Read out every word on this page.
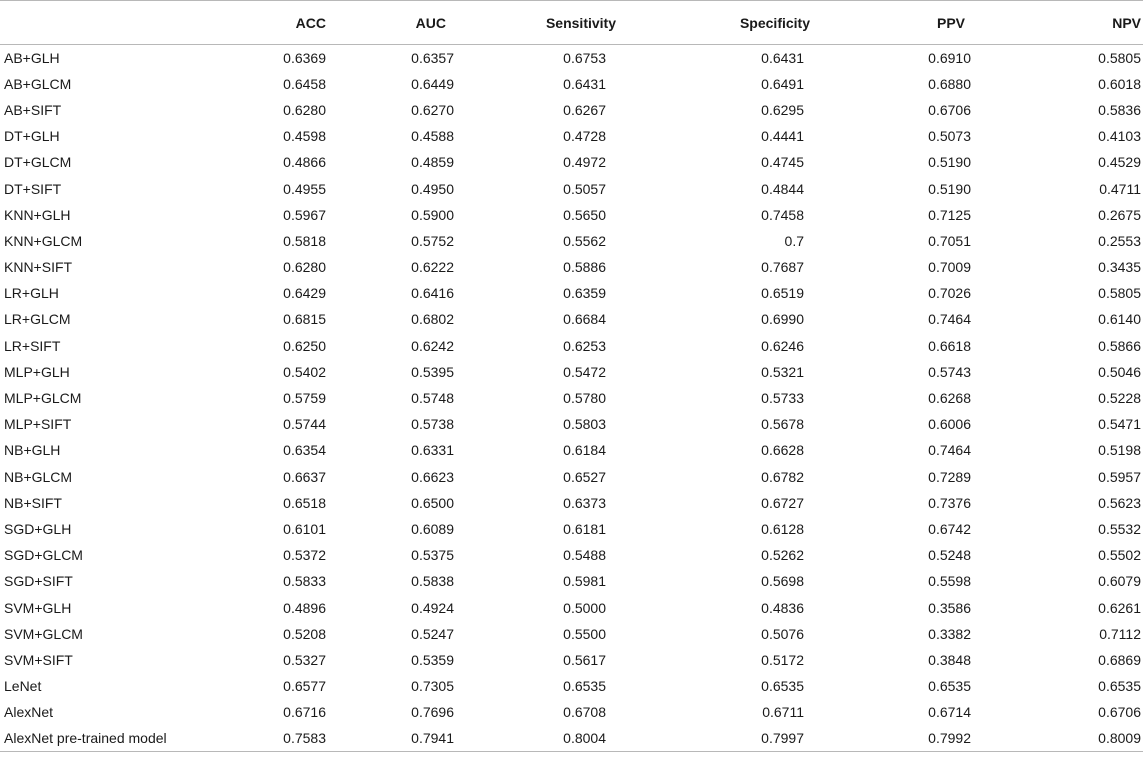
	ACC	AUC	Sensitivity	Specificity	PPV	NPV
AB+GLH	0.6369	0.6357	0.6753	0.6431	0.6910	0.5805
AB+GLCM	0.6458	0.6449	0.6431	0.6491	0.6880	0.6018
AB+SIFT	0.6280	0.6270	0.6267	0.6295	0.6706	0.5836
DT+GLH	0.4598	0.4588	0.4728	0.4441	0.5073	0.4103
DT+GLCM	0.4866	0.4859	0.4972	0.4745	0.5190	0.4529
DT+SIFT	0.4955	0.4950	0.5057	0.4844	0.5190	0.4711
KNN+GLH	0.5967	0.5900	0.5650	0.7458	0.7125	0.2675
KNN+GLCM	0.5818	0.5752	0.5562	0.7	0.7051	0.2553
KNN+SIFT	0.6280	0.6222	0.5886	0.7687	0.7009	0.3435
LR+GLH	0.6429	0.6416	0.6359	0.6519	0.7026	0.5805
LR+GLCM	0.6815	0.6802	0.6684	0.6990	0.7464	0.6140
LR+SIFT	0.6250	0.6242	0.6253	0.6246	0.6618	0.5866
MLP+GLH	0.5402	0.5395	0.5472	0.5321	0.5743	0.5046
MLP+GLCM	0.5759	0.5748	0.5780	0.5733	0.6268	0.5228
MLP+SIFT	0.5744	0.5738	0.5803	0.5678	0.6006	0.5471
NB+GLH	0.6354	0.6331	0.6184	0.6628	0.7464	0.5198
NB+GLCM	0.6637	0.6623	0.6527	0.6782	0.7289	0.5957
NB+SIFT	0.6518	0.6500	0.6373	0.6727	0.7376	0.5623
SGD+GLH	0.6101	0.6089	0.6181	0.6128	0.6742	0.5532
SGD+GLCM	0.5372	0.5375	0.5488	0.5262	0.5248	0.5502
SGD+SIFT	0.5833	0.5838	0.5981	0.5698	0.5598	0.6079
SVM+GLH	0.4896	0.4924	0.5000	0.4836	0.3586	0.6261
SVM+GLCM	0.5208	0.5247	0.5500	0.5076	0.3382	0.7112
SVM+SIFT	0.5327	0.5359	0.5617	0.5172	0.3848	0.6869
LeNet	0.6577	0.7305	0.6535	0.6535	0.6535	0.6535
AlexNet	0.6716	0.7696	0.6708	0.6711	0.6714	0.6706
AlexNet pre-trained model	0.7583	0.7941	0.8004	0.7997	0.7992	0.8009
